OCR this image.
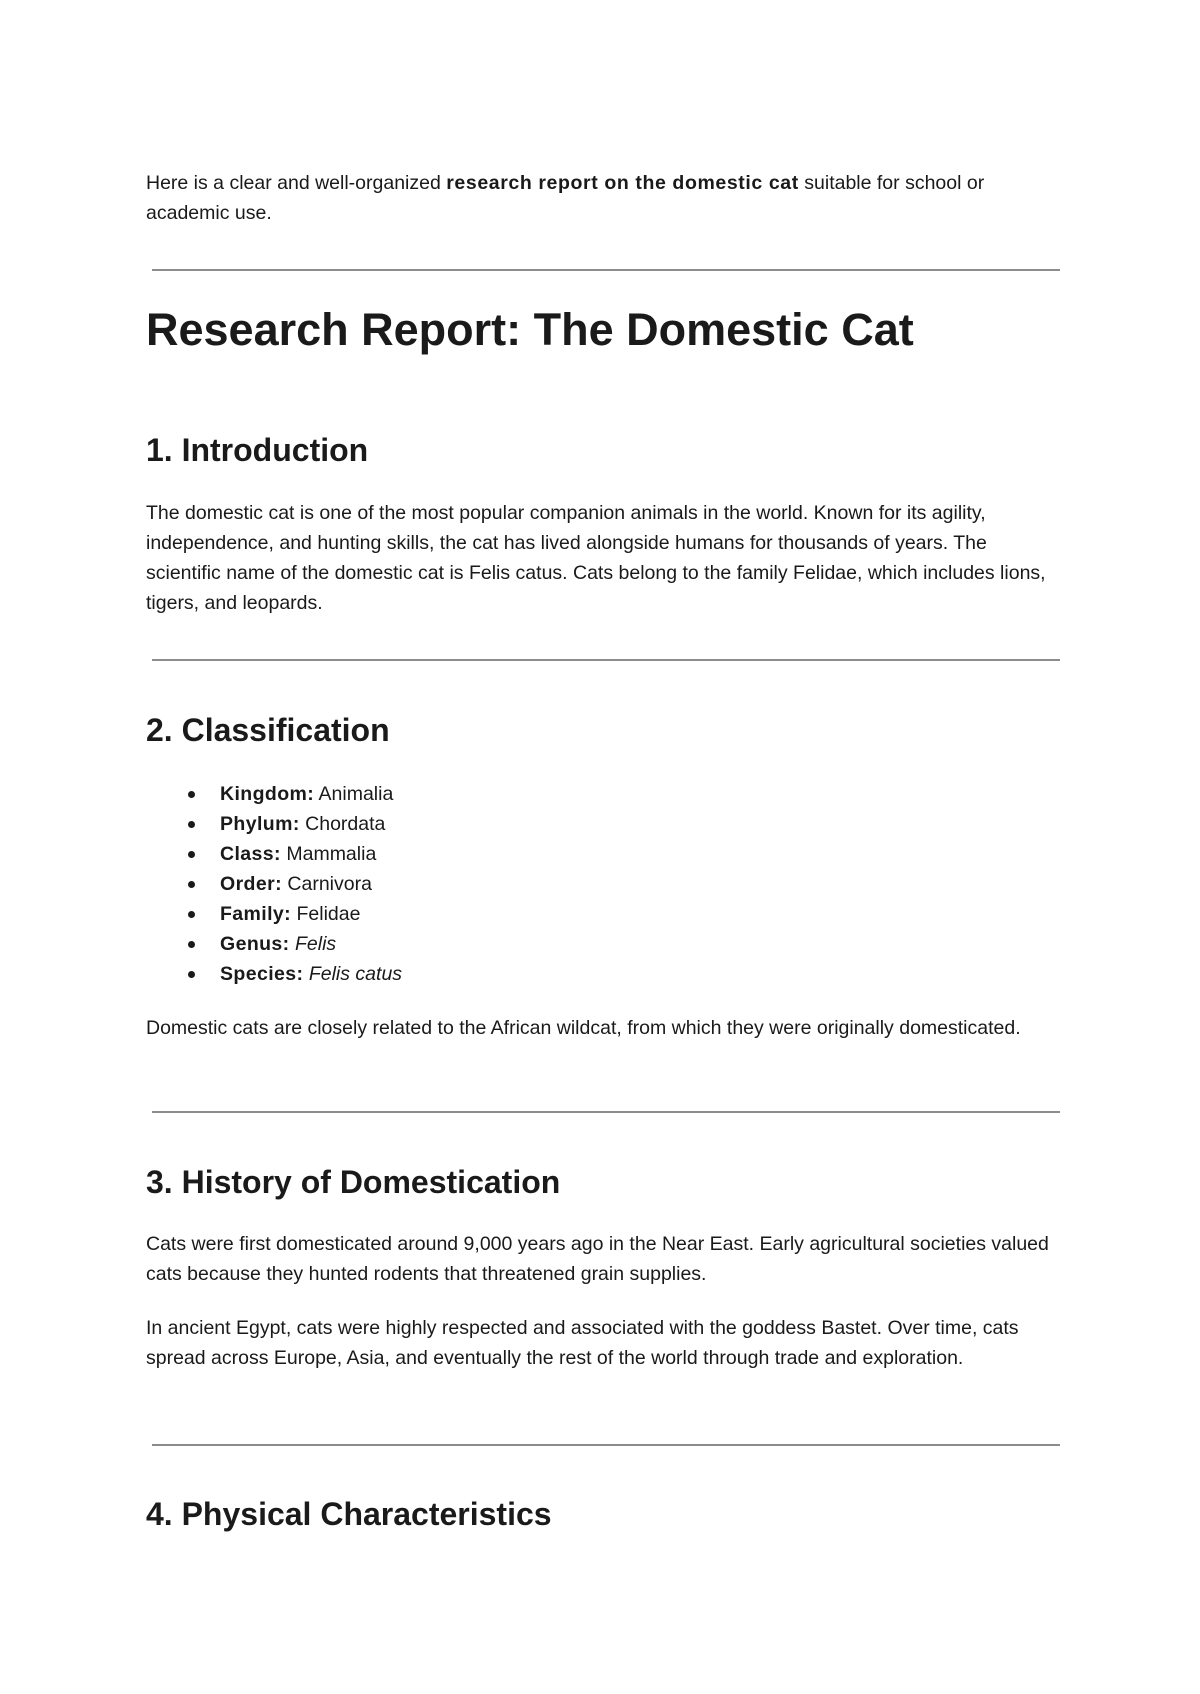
Here is a clear and well-organized research report on the domestic cat suitable for school or academic use.

Research Report: The Domestic Cat
1. Introduction

The domestic cat is one of the most popular companion animals in the world. Known for its agility, independence, and hunting skills, the cat has lived alongside humans for thousands of years. The scientific name of the domestic cat is Felis catus. Cats belong to the family Felidae, which includes lions, tigers, and leopards.

2. Classification
Kingdom: Animalia
Phylum: Chordata
Class: Mammalia
Order: Carnivora
Family: Felidae
Genus: Felis
Species: Felis catus

Domestic cats are closely related to the African wildcat, from which they were originally domesticated.

3. History of Domestication

Cats were first domesticated around 9,000 years ago in the Near East. Early agricultural societies valued cats because they hunted rodents that threatened grain supplies.

In ancient Egypt, cats were highly respected and associated with the goddess Bastet. Over time, cats spread across Europe, Asia, and eventually the rest of the world through trade and exploration.

4. Physical Characteristics
